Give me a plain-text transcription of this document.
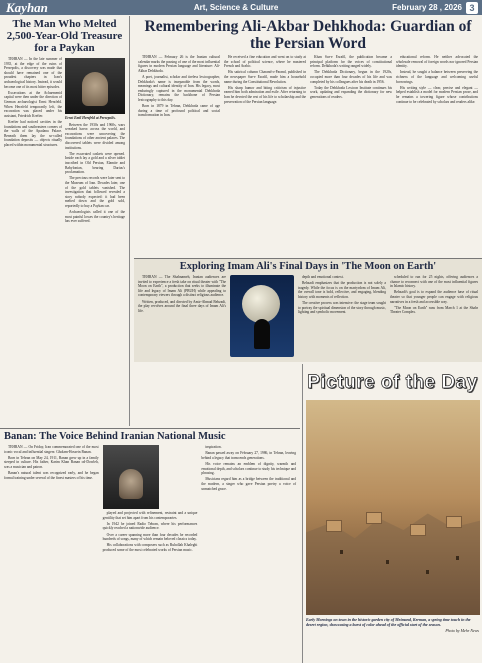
Kayhan	Art, Science & Culture	February 28 , 2026 3
The Man Who Melted 2,500-Year-Old Treasure for a Paykan

TEHRAN — In the late summer of 1935, at the edge of the ruins of Persepolis, a discovery was made that should have remained one of the proudest chapters in Iran's archaeological history. Instead, it would become one of its most bitter episodes.

Excavations at the Achaemenid capital were then under the direction of German archaeologist Ernst Herzfeld. When Herzfeld temporarily left, the excavation was placed under his assistant, Friedrich Krefter.

Krefter had noticed cavities in the foundations and southeastern corners of the walls of the Apadana Palace. Beneath them lay the so-called foundation deposits — objects ritually placed within monumental structures.

Ernst Emil Herzfeld at Persepolis.

Between the 1930s and 1960s, wars wreaked havoc across the world, and excavations were uncovering the foundations of other ancient palaces. The discovered tablets were divided among institutions.

The excavated caskets were opened. Inside each lay a gold and a silver tablet inscribed in Old Persian, Elamite and Babylonian, bearing Darius's proclamation.

The precious records were later sent to the Museum of Iran. Decades later, one of the gold tablets vanished. The investigation that followed revealed a story nobody expected: it had been melted down and the gold sold, reportedly to buy a Paykan car.

Archaeologists called it one of the most painful losses the country's heritage has ever suffered.

Remembering Ali-Akbar Dehkhoda: Guardian of the Persian Word

TEHRAN — February 26 is the Iranian cultural calendar marks the passing of one of the most influential figures in modern Persian language and literature: Ali-Akbar Dehkhoda.

A poet, journalist, scholar and tireless lexicographer, Dehkhoda's name is inseparable from the words, meanings and cultural identity of Iran. His legacy, most enduringly captured in the monumental Dehkhoda Dictionary, remains the backbone of Persian lexicography to this day.

Born in 1879 in Tehran, Dehkhoda came of age during a time of profound political and social transformation in Iran.

He received a fine education and went on to study at the school of political science, where he mastered French and Arabic.

His satirical column Charand-o-Parand, published in the newspaper Sur-e Esrafil, made him a household name during the Constitutional Revolution.

His sharp humor and biting criticism of injustice earned him both admiration and exile. After returning to Iran he devoted the rest of his life to scholarship and the preservation of the Persian language.

Khan Sur-e Esrafil, the publication became a principal platform for the voices of constitutional reform. Dehkhoda's writing ranged widely.

The Dehkhoda Dictionary, begun in the 1920s, occupied more than four decades of his life and was completed by his colleagues after his death in 1956.

Today the Dehkhoda Lexicon Institute continues his work, updating and expanding the dictionary for new generations of readers.

educational reform. He neither advocated the wholesale removal of foreign words nor ignored Persian identity.

Instead, he sought a balance between preserving the richness of the language and welcoming useful borrowings.

His writing style — clear, precise and elegant — helped establish a model for modern Persian prose, and he remains a towering figure whose contributions continue to be celebrated by scholars and readers alike.

Exploring Imam Ali's Final Days in 'The Moon on Earth'

TEHRAN — The Shahnameh, Iranian audiences are invited to experience a fresh take on ritual theater with "The Moon on Earth", a production that seeks to illuminate the life and legacy of Imam Ali (PBUH) while appealing to contemporary viewers through a distinct religious audience.

Written, produced, and directed by Amir-Ahmad Behzadi, the play revolves around the final three days of Imam Ali's life.

depth and emotional context.

Behzadi emphasizes that the production is not solely a tragedy. While the focus is on the martyrdom of Imam Ali, the overall tone is bold, reflective, and engaging, blending history with moments of reflection.

The creative process was intensive: the stage team sought to portray the spiritual dimension of the story through music, lighting and symbolic movement.

scheduled to run for 25 nights, offering audiences a chance to reconnect with one of the most influential figures in Islamic history.

Behzadi's goal is to expand the audience base of ritual theater so that younger people can engage with religious narratives in a fresh and accessible way.

"The Moon on Earth" runs from March 1 at the Shahr Theater Complex.

Banan: The Voice Behind Iranian National Music

TEHRAN — On Friday, Iran commemorated one of the most iconic vocal and influential singers: Gholam-Hossein Banan.

Born in Tehran on May 24, 1911, Banan grew up in a family steeped in culture. His father, Karim Khan Banan od-Dowleh, was a musician and patron.

Banan's natural talent was recognized early, and he began formal training under several of the finest masters of his time.

played and projected with refinement, restraint and a unique gentility that set him apart from his contemporaries.

In 1942 he joined Radio Tehran, where his performances quickly reached a nationwide audience.

Over a career spanning more than four decades he recorded hundreds of songs, many of which remain beloved classics today.

His collaborations with composers such as Ruhollah Khaleghi produced some of the most celebrated works of Persian music.

inspiration.

Banan passed away on February 27, 1986, in Tehran, leaving behind a legacy that transcends generations.

His voice remains an emblem of dignity, warmth and emotional depth, and scholars continue to study his technique and phrasing.

Musicians regard him as a bridge between the traditional and the modern, a singer who gave Persian poetry a voice of unmatched grace.

Picture of the Day
Early Mornings on town in the historic garden city of Meimand, Kerman, a spring time touch in the desert region, showcasing a burst of color ahead of the official start of the season.
Photo by Mehr News
